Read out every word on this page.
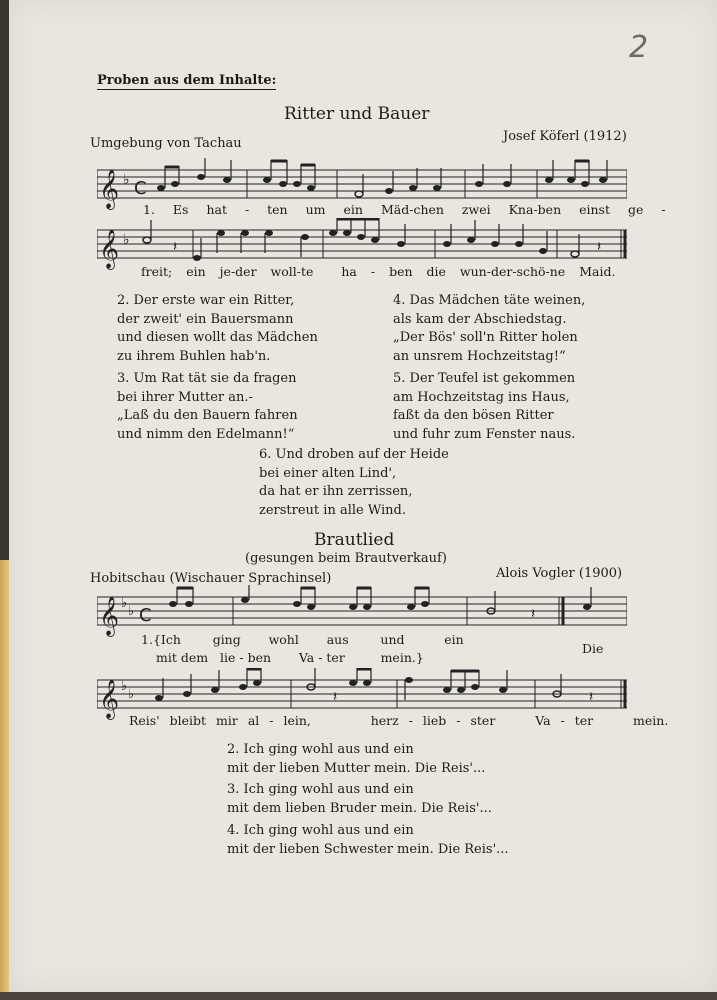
2
Proben aus dem Inhalte:
Ritter und Bauer
Umgebung von Tachau	Josef Köferl (1912)
𝄞 ♭ C
1. Es hat - ten um ein Mäd-chen zwei Kna-ben einst ge -
𝄞 ♭	𝄽	𝄽
freit; ein je-der woll-te ha - ben die wun-der-schö-ne Maid.
2. Der erste war ein Ritter,
der zweit' ein Bauersmann
und diesen wollt das Mädchen
zu ihrem Buhlen hab'n.
3. Um Rat tät sie da fragen
bei ihrer Mutter an.-
„Laß du den Bauern fahren
und nimm den Edelmann!“
4. Das Mädchen täte weinen,
als kam der Abschiedstag.
„Der Bös' soll'n Ritter holen
an unsrem Hochzeitstag!“
5. Der Teufel ist gekommen
am Hochzeitstag ins Haus,
faßt da den bösen Ritter
und fuhr zum Fenster naus.
6. Und droben auf der Heide
bei einer alten Lind',
da hat er ihn zerrissen,
zerstreut in alle Wind.
Brautlied
(gesungen beim Brautverkauf)
Hobitschau (Wischauer Sprachinsel)	Alois Vogler (1900)
𝄞 ♭
♭ C	𝄽
1.{Ich	ging wohl aus	und	ein
mit dem lie - ben Va - ter	mein.}
Die
𝄞 ♭
♭	𝄽	𝄽
Reis' bleibt mir al - lein,	herz - lieb - ster	Va - ter	mein.
2. Ich ging wohl aus und ein
mit der lieben Mutter mein. Die Reis'...
3. Ich ging wohl aus und ein
mit dem lieben Bruder mein. Die Reis'...
4. Ich ging wohl aus und ein
mit der lieben Schwester mein. Die Reis'...
